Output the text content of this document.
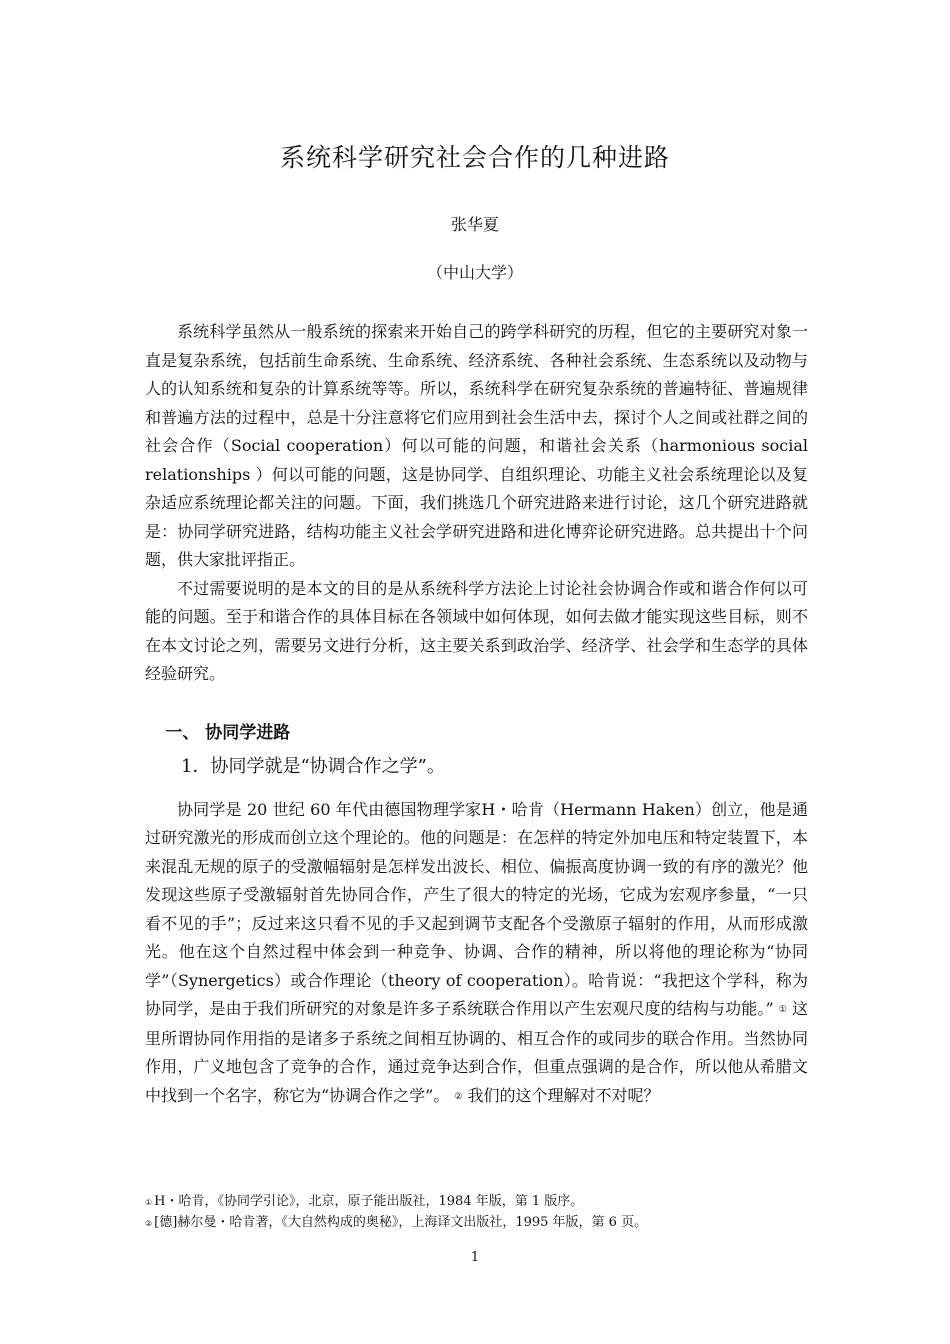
系统科学研究社会合作的几种进路
张华夏
（中山大学）

系统科学虽然从一般系统的探索来开始自己的跨学科研究的历程，但它的主要研究对象一直是复杂系统，包括前生命系统、生命系统、经济系统、各种社会系统、生态系统以及动物与人的认知系统和复杂的计算系统等等。所以，系统科学在研究复杂系统的普遍特征、普遍规律和普遍方法的过程中，总是十分注意将它们应用到社会生活中去，探讨个人之间或社群之间的社会合作（Social cooperation）何以可能的问题，和谐社会关系（harmonious social relationships ）何以可能的问题，这是协同学、自组织理论、功能主义社会系统理论以及复杂适应系统理论都关注的问题。下面，我们挑选几个研究进路来进行讨论，这几个研究进路就是：协同学研究进路，结构功能主义社会学研究进路和进化博弈论研究进路。总共提出十个问题，供大家批评指正。

不过需要说明的是本文的目的是从系统科学方法论上讨论社会协调合作或和谐合作何以可能的问题。至于和谐合作的具体目标在各领域中如何体现，如何去做才能实现这些目标，则不在本文讨论之列，需要另文进行分析，这主要关系到政治学、经济学、社会学和生态学的具体经验研究。

一、 协同学进路
1．协同学就是“协调合作之学”。

协同学是 20 世纪 60 年代由德国物理学家H・哈肯（Hermann Haken）创立，他是通过研究激光的形成而创立这个理论的。他的问题是：在怎样的特定外加电压和特定装置下，本来混乱无规的原子的受激幅辐射是怎样发出波长、相位、偏振高度协调一致的有序的激光？他发现这些原子受激辐射首先协同合作，产生了很大的特定的光场，它成为宏观序参量，“一只看不见的手”；反过来这只看不见的手又起到调节支配各个受激原子辐射的作用，从而形成激光。他在这个自然过程中体会到一种竞争、协调、合作的精神，所以将他的理论称为“协同学”（Synergetics）或合作理论（theory of cooperation）。哈肯说：“我把这个学科，称为协同学，是由于我们所研究的对象是许多子系统联合作用以产生宏观尺度的结构与功能。” ① 这里所谓协同作用指的是诸多子系统之间相互协调的、相互合作的或同步的联合作用。当然协同作用，广义地包含了竞争的合作，通过竞争达到合作，但重点强调的是合作，所以他从希腊文中找到一个名字，称它为“协调合作之学”。 ② 我们的这个理解对不对呢？

① H・哈肯，《协同学引论》，北京，原子能出版社，1984 年版，第 1 版序。
② [德]赫尔曼・哈肯著，《大自然构成的奥秘》，上海译文出版社，1995 年版，第 6 页。
1
